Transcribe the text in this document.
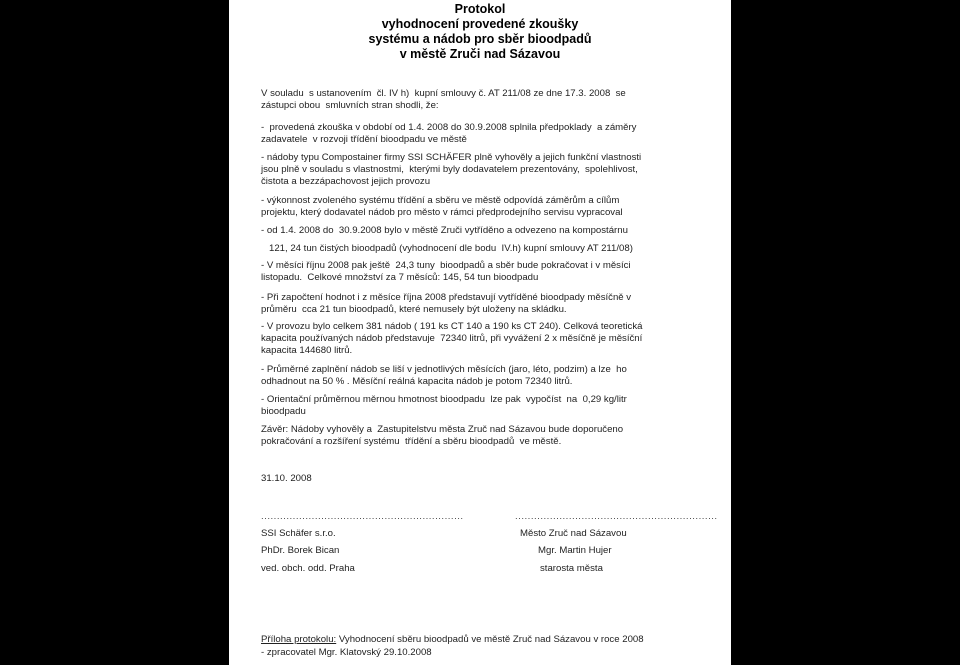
Protokol
vyhodnocení provedené zkoušky
systému a nádob pro sběr bioodpadů
v městě Zruči nad Sázavou
V souladu  s ustanovením  čl. IV h)  kupní smlouvy č. AT 211/08 ze dne 17.3. 2008  se
zástupci obou  smluvních stran shodli, že:
-  provedená zkouška v období od 1.4. 2008 do 30.9.2008 splnila předpoklady  a záměry
zadavatele  v rozvoji třídění bioodpadu ve městě
- nádoby typu Compostainer firmy SSI SCHÄFER plně vyhověly a jejich funkční vlastnosti
jsou plně v souladu s vlastnostmi,  kterými byly dodavatelem prezentovány,  spolehlivost,
čistota a bezzápachovost jejich provozu
- výkonnost zvoleného systému třídění a sběru ve městě odpovídá záměrům a cílům
projektu, který dodavatel nádob pro město v rámci předprodejního servisu vypracoval
- od 1.4. 2008 do  30.9.2008 bylo v městě Zruči vytříděno a odvezeno na kompostárnu
121, 24 tun čistých bioodpadů (vyhodnocení dle bodu  IV.h) kupní smlouvy AT 211/08)
- V měsíci říjnu 2008 pak ještě  24,3 tuny  bioodpadů a sběr bude pokračovat i v měsíci
listopadu.  Celkové množství za 7 měsíců: 145, 54 tun bioodpadu
- Při započtení hodnot i z měsíce října 2008 představují vytříděné bioodpady měsíčně v
průměru  cca 21 tun bioodpadů, které nemusely být uloženy na skládku.
- V provozu bylo celkem 381 nádob ( 191 ks CT 140 a 190 ks CT 240). Celková teoretická
kapacita používaných nádob představuje  72340 litrů, při vyvážení 2 x měsíčně je měsíční
kapacita 144680 litrů.
- Průměrné zaplnění nádob se liší v jednotlivých měsících (jaro, léto, podzim) a lze  ho
odhadnout na 50 % . Měsíční reálná kapacita nádob je potom 72340 litrů.
- Orientační průměrnou měrnou hmotnost bioodpadu  lze pak  vypočíst  na  0,29 kg/litr
bioodpadu
Závěr: Nádoby vyhověly a  Zastupitelstvu města Zruč nad Sázavou bude doporučeno
pokračování a rozšíření systému  třídění a sběru bioodpadů  ve městě.
31.10. 2008
................................................................	................................................................
SSI Schäfer s.r.o.
PhDr. Borek Bican
ved. obch. odd. Praha
Město Zruč nad Sázavou
Mgr. Martin Hujer
starosta města
Příloha protokolu: Vyhodnocení sběru bioodpadů ve městě Zruč nad Sázavou v roce 2008
- zpracovatel Mgr. Klatovský 29.10.2008
